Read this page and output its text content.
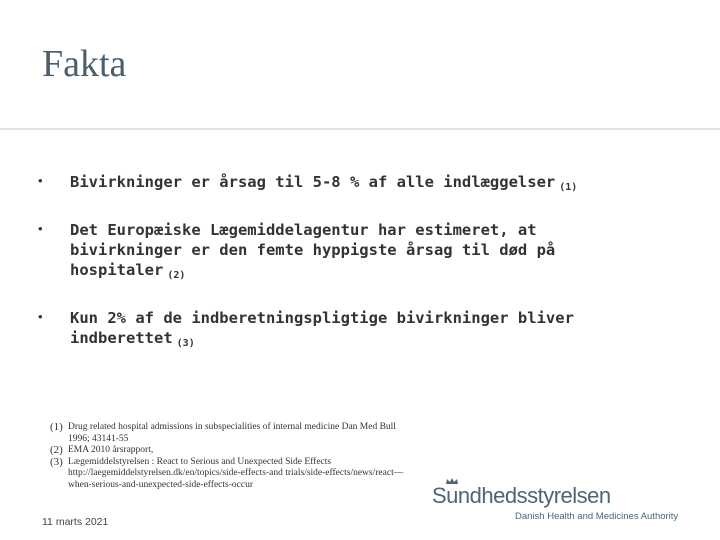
Fakta
• Bivirkninger er årsag til 5-8 % af alle indlæggelser (1)
• Det Europæiske Lægemiddelagentur har estimeret, at bivirkninger er den femte hyppigste årsag til død på hospitaler (2)
• Kun 2% af de indberetningspligtige bivirkninger bliver indberettet (3)
(1) Drug related hospital admissions in subspecialities of internal medicine Dan Med Bull 1996; 43141-55
(2) EMA 2010 årsrapport,
(3) Lægemiddelstyrelsen : React to Serious and Unexpected Side Effects http://laegemiddelstyrelsen.dk/en/topics/side-effects-and trials/side-effects/news/react—when-serious-and-unexpected-side-effects-occur
11 marts 2021
Sundhedsstyrelsen
Danish Health and Medicines Authority
